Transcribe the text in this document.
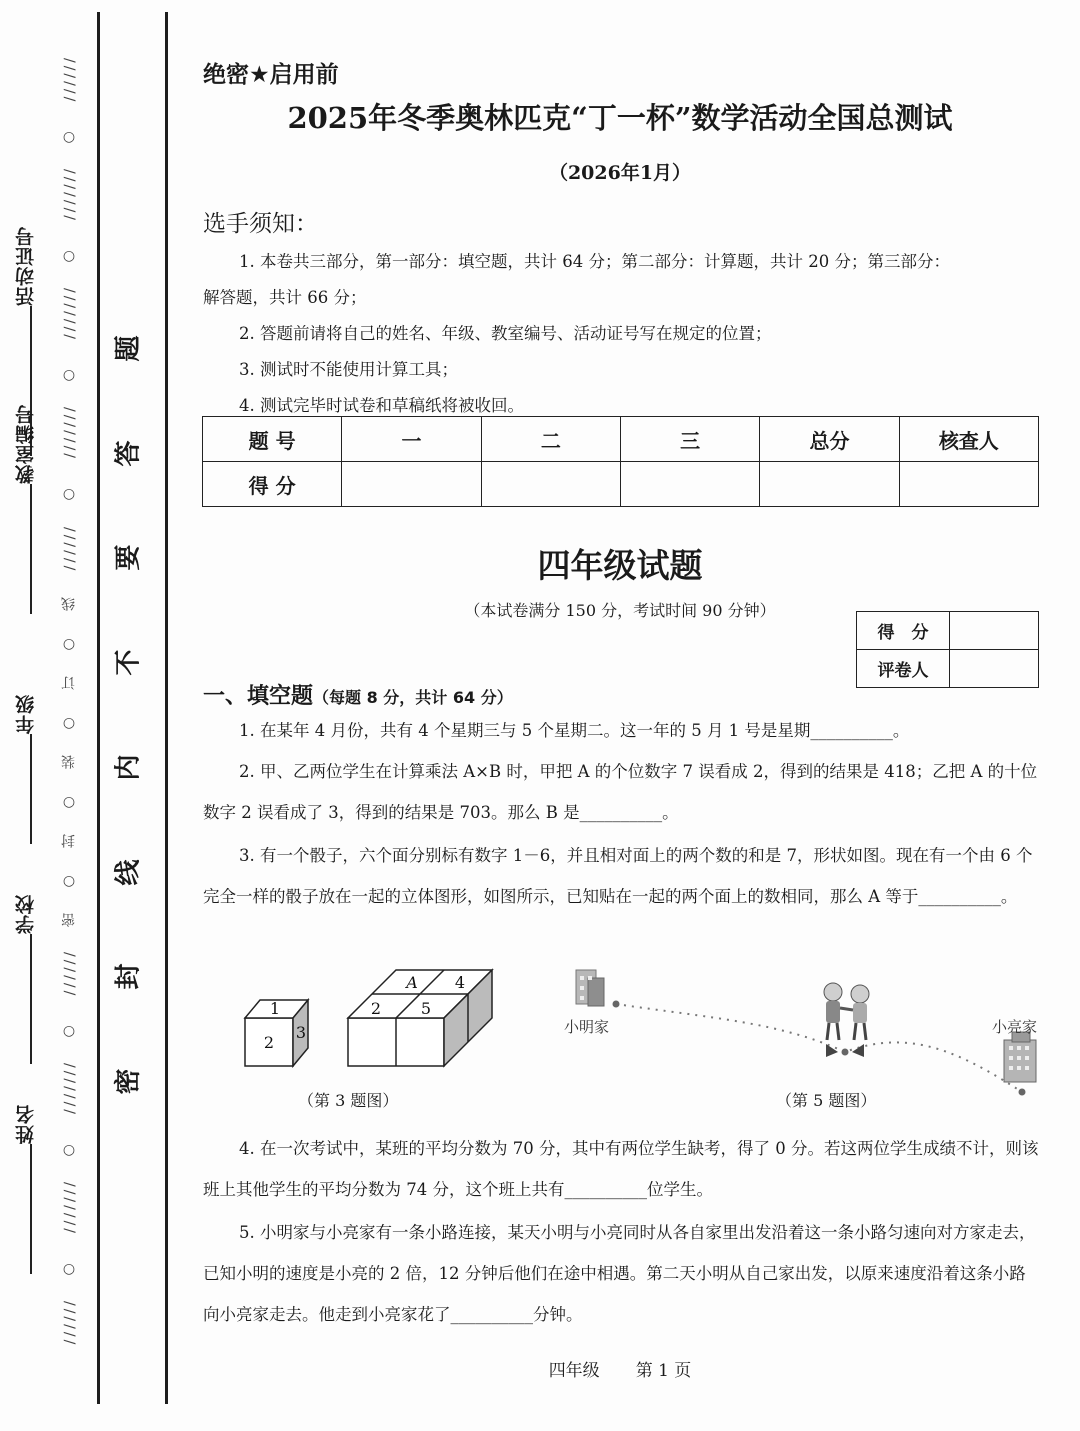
活动证号
教室编号
年级
学校
姓名
//////
○
///////
○
///////
○
///////
○
//////
线
○
订
○
装
○
封
○
密
//////
○
///////
○
///////
○
//////
题
答
要
不
内
线
封
密
绝密★启用前
2025年冬季奥林匹克“丁一杯”数学活动全国总测试
（2026年1月）
选手须知：

1. 本卷共三部分，第一部分：填空题，共计 64 分；第二部分：计算题，共计 20 分；第三部分：

解答题，共计 66 分；

2. 答题前请将自己的姓名、年级、教室编号、活动证号写在规定的位置；

3. 测试时不能使用计算工具；

4. 测试完毕时试卷和草稿纸将被收回。

题 号	一	二	三	总分	核查人
得 分					
四年级试题
（本试卷满分 150 分，考试时间 90 分钟）
得　分	
评卷人	
一、填空题（每题 8 分，共计 64 分）

1. 在某年 4 月份，共有 4 个星期三与 5 个星期二。这一年的 5 月 1 号是星期__________。

2. 甲、乙两位学生在计算乘法 A×B 时，甲把 A 的个位数字 7 误看成 2，得到的结果是 418；乙把 A 的十位数字 2 误看成了 3，得到的结果是 703。那么 B 是__________。

3. 有一个骰子，六个面分别标有数字 1－6，并且相对面上的两个数的和是 7，形状如图。现在有一个由 6 个完全一样的骰子放在一起的立体图形，如图所示，已知贴在一起的两个面上的数相同，那么 A 等于__________。

1
2
3
A 4
2 5
（第 3 题图）
小明家	小亮家
（第 5 题图）

4. 在一次考试中，某班的平均分数为 70 分，其中有两位学生缺考，得了 0 分。若这两位学生成绩不计，则该班上其他学生的平均分数为 74 分，这个班上共有__________位学生。

5. 小明家与小亮家有一条小路连接，某天小明与小亮同时从各自家里出发沿着这一条小路匀速向对方家走去，已知小明的速度是小亮的 2 倍，12 分钟后他们在途中相遇。第二天小明从自己家出发，以原来速度沿着这条小路向小亮家走去。他走到小亮家花了__________分钟。

四年级 第 1 页
